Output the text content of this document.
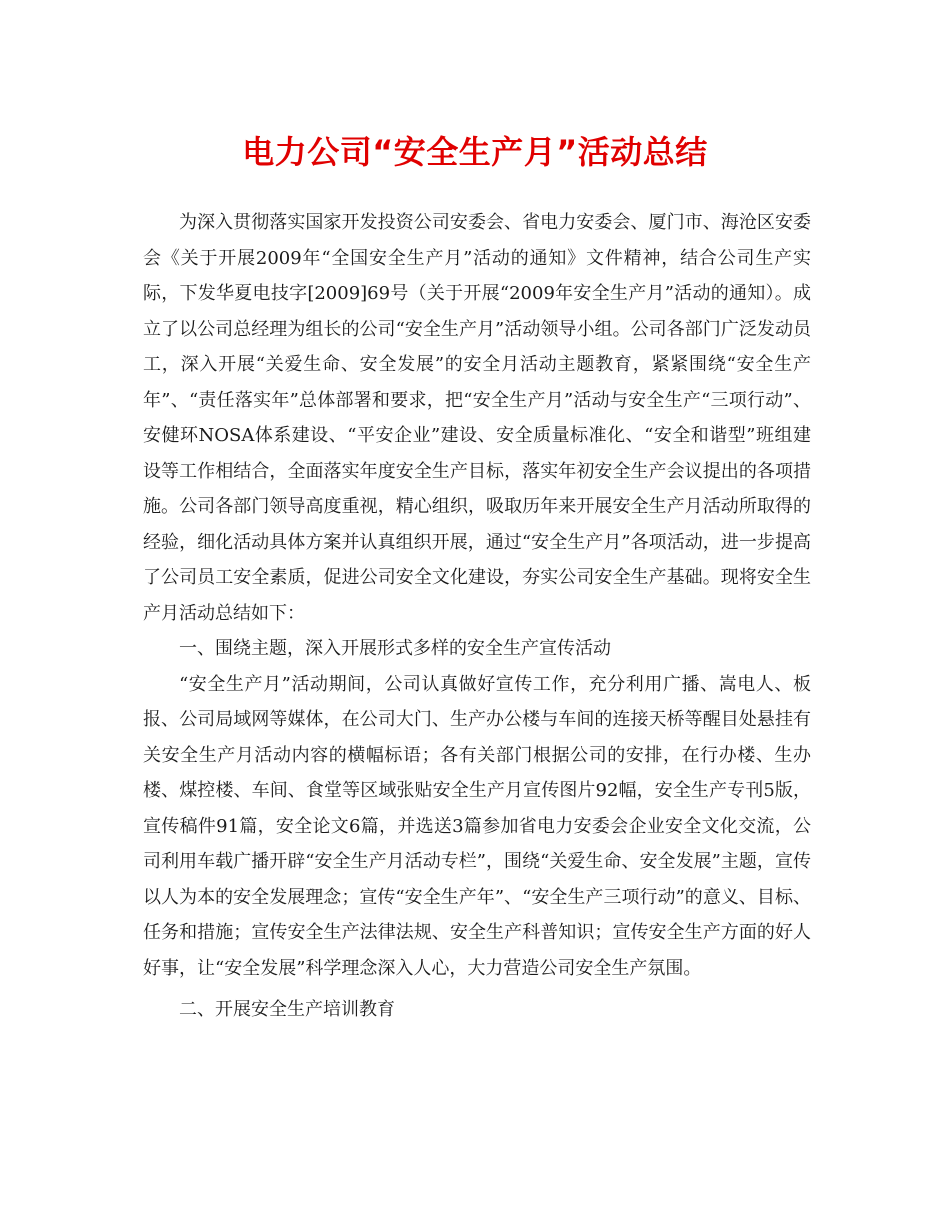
电力公司“安全生产月”活动总结

为深入贯彻落实国家开发投资公司安委会、省电力安委会、厦门市、海沧区安委会《关于开展2009年“全国安全生产月”活动的通知》文件精神，结合公司生产实际，下发华夏电技字[2009]69号（关于开展“2009年安全生产月”活动的通知）。成立了以公司总经理为组长的公司“安全生产月”活动领导小组。公司各部门广泛发动员工，深入开展“关爱生命、安全发展”的安全月活动主题教育，紧紧围绕“安全生产年”、“责任落实年”总体部署和要求，把“安全生产月”活动与安全生产“三项行动”、安健环NOSA体系建设、“平安企业”建设、安全质量标准化、“安全和谐型”班组建设等工作相结合，全面落实年度安全生产目标，落实年初安全生产会议提出的各项措施。公司各部门领导高度重视，精心组织，吸取历年来开展安全生产月活动所取得的经验，细化活动具体方案并认真组织开展，通过“安全生产月”各项活动，进一步提高了公司员工安全素质，促进公司安全文化建设，夯实公司安全生产基础。现将安全生产月活动总结如下：

一、围绕主题，深入开展形式多样的安全生产宣传活动

“安全生产月”活动期间，公司认真做好宣传工作，充分利用广播、嵩电人、板报、公司局域网等媒体，在公司大门、生产办公楼与车间的连接天桥等醒目处悬挂有关安全生产月活动内容的横幅标语；各有关部门根据公司的安排，在行办楼、生办楼、煤控楼、车间、食堂等区域张贴安全生产月宣传图片92幅，安全生产专刊5版，宣传稿件91篇，安全论文6篇，并选送3篇参加省电力安委会企业安全文化交流，公司利用车载广播开辟“安全生产月活动专栏”，围绕“关爱生命、安全发展”主题，宣传以人为本的安全发展理念；宣传“安全生产年”、“安全生产三项行动”的意义、目标、任务和措施；宣传安全生产法律法规、安全生产科普知识；宣传安全生产方面的好人好事，让“安全发展”科学理念深入人心，大力营造公司安全生产氛围。

二、开展安全生产培训教育
